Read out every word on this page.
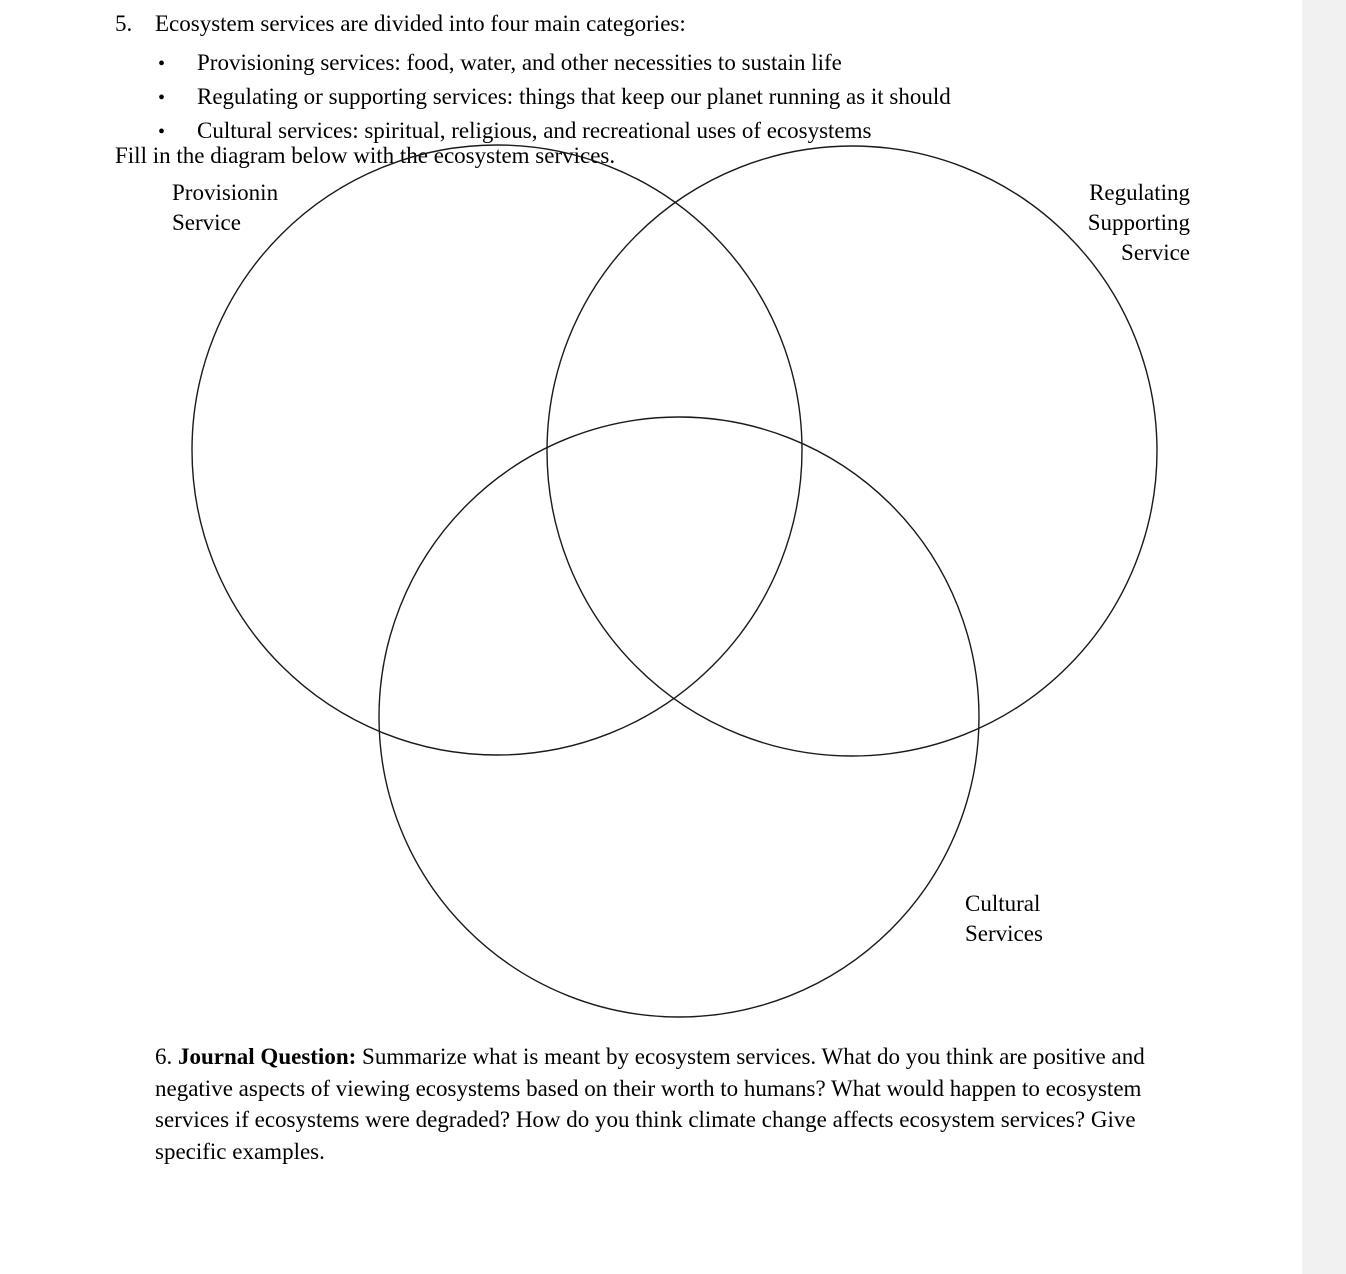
5. Ecosystem services are divided into four main categories:
•	Provisioning services: food, water, and other necessities to sustain life
•	Regulating or supporting services: things that keep our planet running as it should
•	Cultural services: spiritual, religious, and recreational uses of ecosystems
Fill in the diagram below with the ecosystem services.
Provisionin
Service
Regulating
Supporting
Service
Cultural
Services

6. Journal Question: Summarize what is meant by ecosystem services. What do you think are positive and negative aspects of viewing ecosystems based on their worth to humans? What would happen to ecosystem services if ecosystems were degraded? How do you think climate change affects ecosystem services? Give specific examples.
